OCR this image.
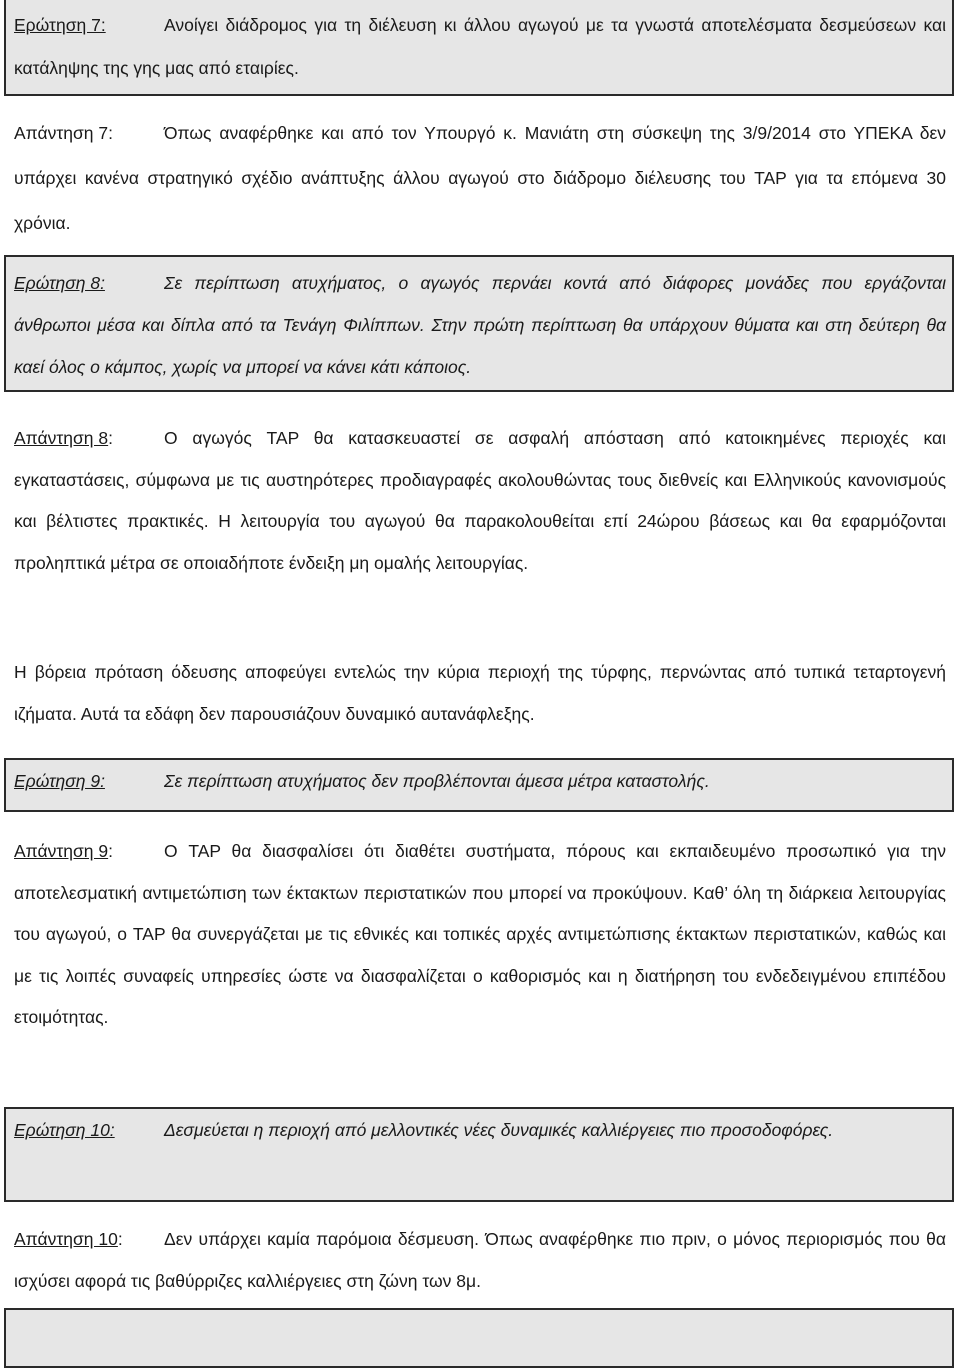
Ερώτηση 7:	Ανοίγει διάδρομος για τη διέλευση κι άλλου αγωγού με τα γνωστά αποτελέσματα δεσμεύσεων και κατάληψης της γης μας από εταιρίες.

Απάντηση 7:	Όπως αναφέρθηκε και από τον Υπουργό κ. Μανιάτη στη σύσκεψη της 3/9/2014 στο ΥΠΕΚΑ δεν υπάρχει κανένα στρατηγικό σχέδιο ανάπτυξης άλλου αγωγού στο διάδρομο διέλευσης του TAP για τα επόμενα 30 χρόνια.

Ερώτηση 8:	Σε περίπτωση ατυχήματος, ο αγωγός περνάει κοντά από διάφορες μονάδες που εργάζονται άνθρωποι μέσα και δίπλα από τα Τενάγη Φιλίππων. Στην πρώτη περίπτωση θα υπάρχουν θύματα και στη δεύτερη θα καεί όλος ο κάμπος, χωρίς να μπορεί να κάνει κάτι κάποιος.

Απάντηση 8:	Ο αγωγός TAP θα κατασκευαστεί σε ασφαλή απόσταση από κατοικημένες περιοχές και εγκαταστάσεις, σύμφωνα με τις αυστηρότερες προδιαγραφές ακολουθώντας τους διεθνείς και Ελληνικούς κανονισμούς και βέλτιστες πρακτικές. Η λειτουργία του αγωγού θα παρακολουθείται επί 24ώρου βάσεως και θα εφαρμόζονται προληπτικά μέτρα σε οποιαδήποτε ένδειξη μη ομαλής λειτουργίας.

Η βόρεια πρόταση όδευσης αποφεύγει εντελώς την κύρια περιοχή της τύρφης, περνώντας από τυπικά τεταρτογενή ιζήματα. Αυτά τα εδάφη δεν παρουσιάζουν δυναμικό αυτανάφλεξης.

Ερώτηση 9:	Σε περίπτωση ατυχήματος δεν προβλέπονται άμεσα μέτρα καταστολής.

Απάντηση 9:	Ο TAP θα διασφαλίσει ότι διαθέτει συστήματα, πόρους και εκπαιδευμένο προσωπικό για την αποτελεσματική αντιμετώπιση των έκτακτων περιστατικών που μπορεί να προκύψουν. Καθ’ όλη τη διάρκεια λειτουργίας του αγωγού, ο TAP θα συνεργάζεται με τις εθνικές και τοπικές αρχές αντιμετώπισης έκτακτων περιστατικών, καθώς και με τις λοιπές συναφείς υπηρεσίες ώστε να διασφαλίζεται ο καθορισμός και η διατήρηση του ενδεδειγμένου επιπέδου ετοιμότητας.

Ερώτηση 10:	Δεσμεύεται η περιοχή από μελλοντικές νέες δυναμικές καλλιέργειες πιο προσοδοφόρες.

Απάντηση 10: Δεν υπάρχει καμία παρόμοια δέσμευση. Όπως αναφέρθηκε πιο πριν, ο μόνος περιορισμός που θα ισχύσει αφορά τις βαθύρριζες καλλιέργειες στη ζώνη των 8μ.
